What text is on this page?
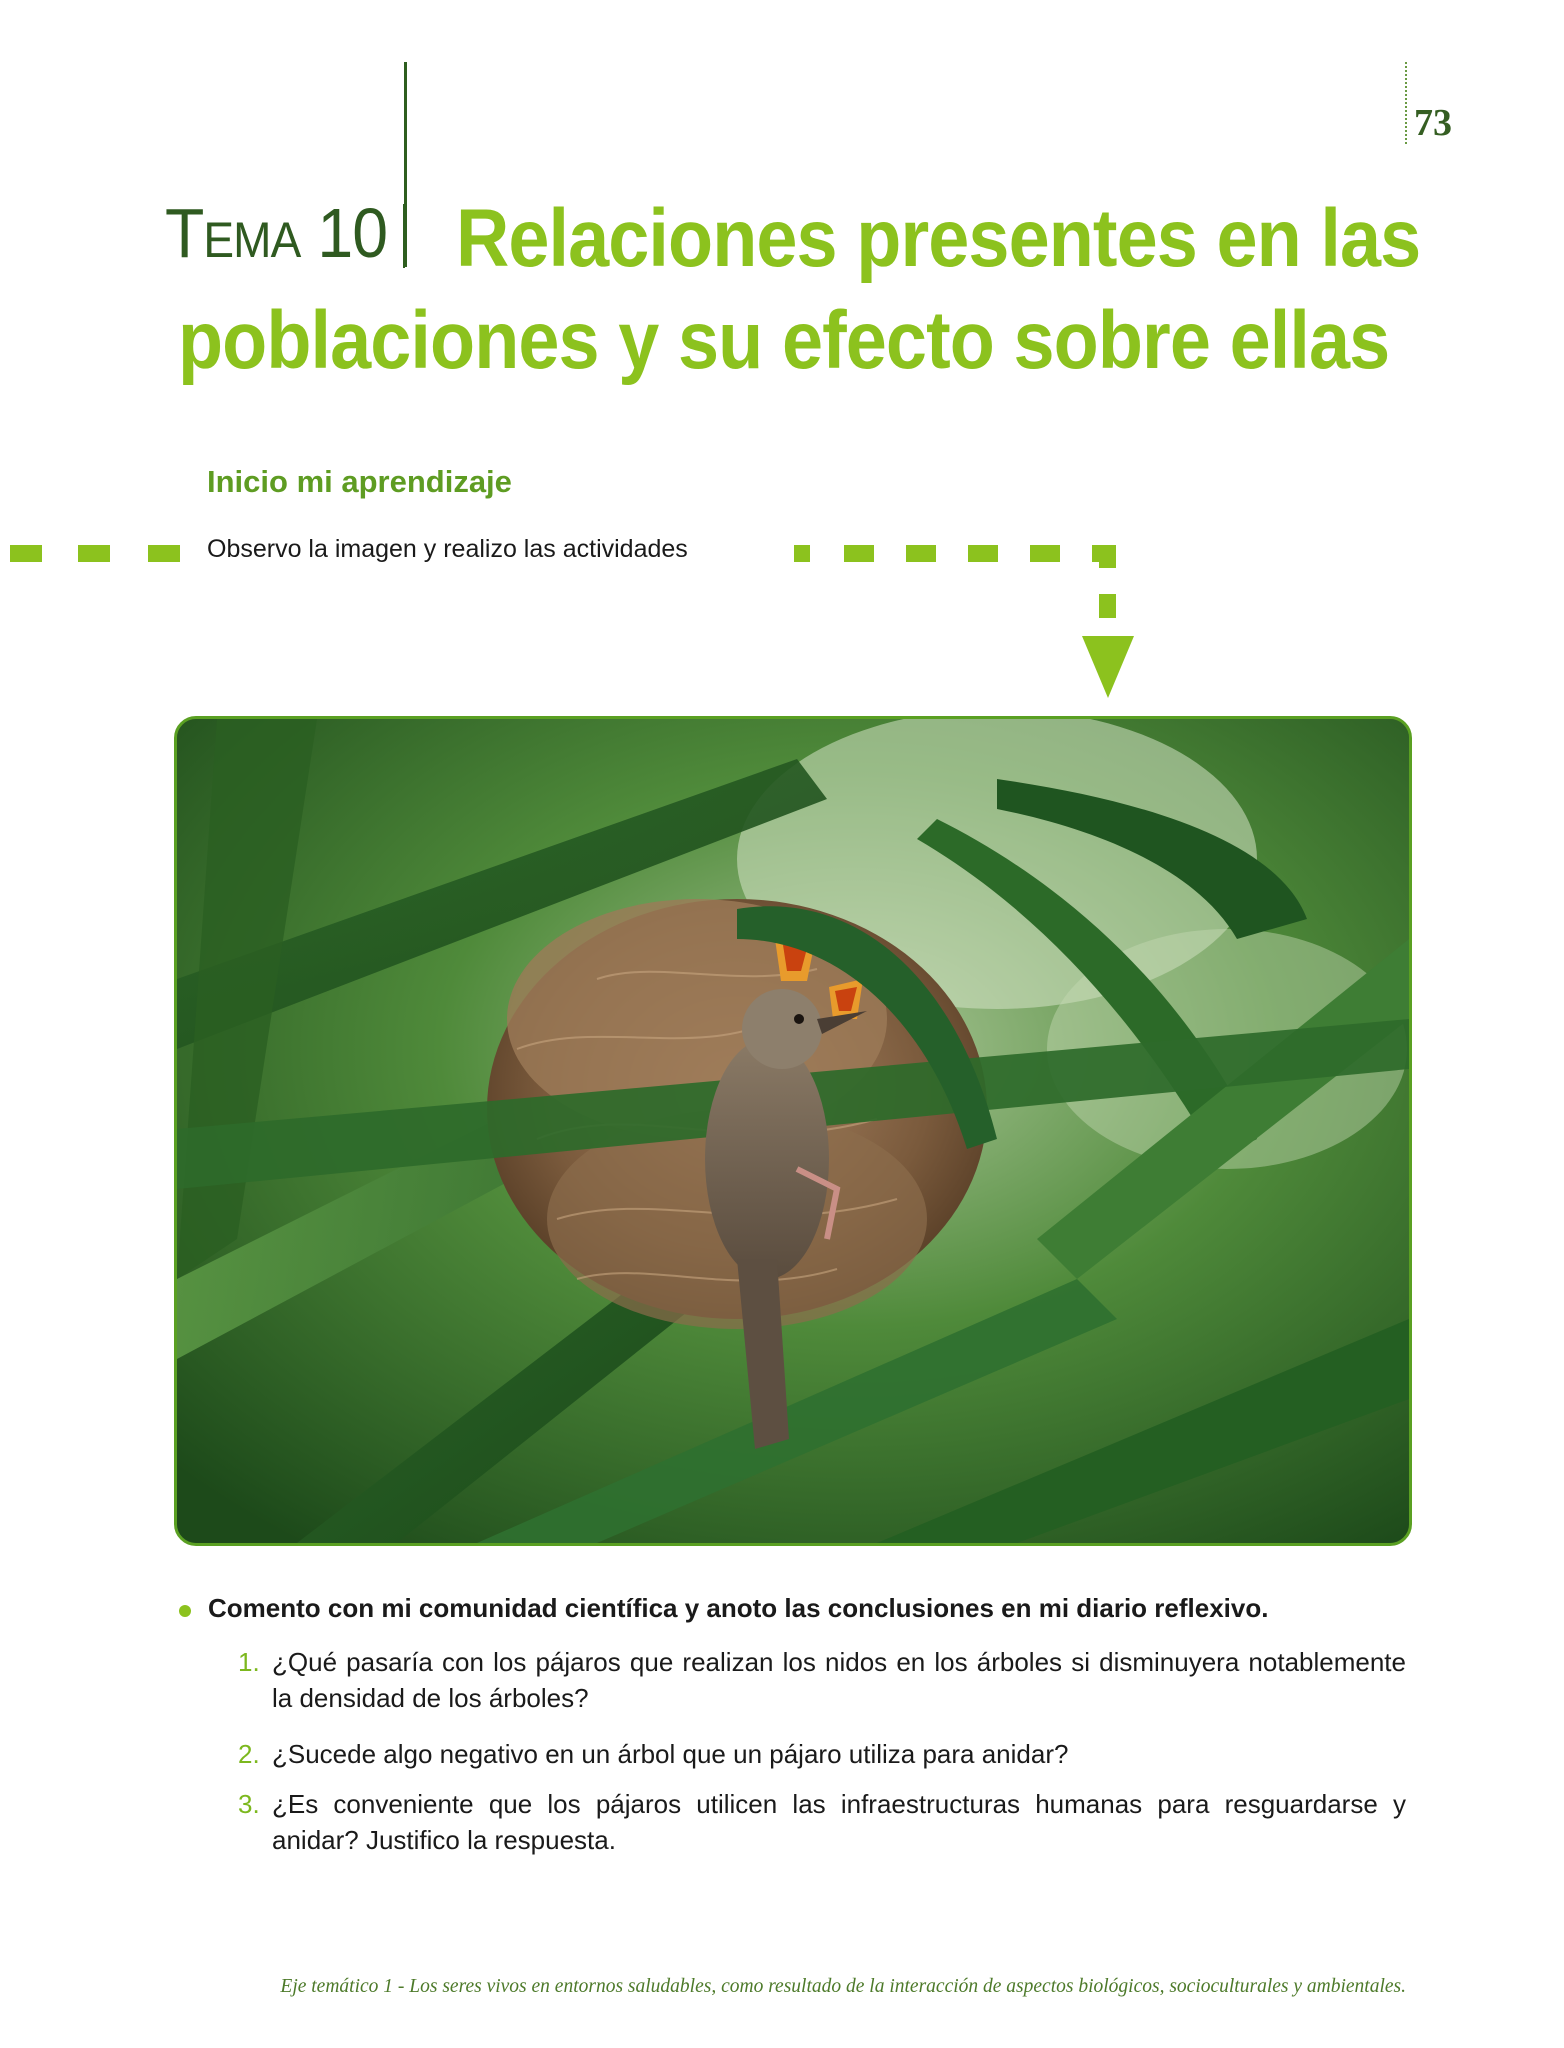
73
TEMA 10 Relaciones presentes en las
poblaciones y su efecto sobre ellas
Inicio mi aprendizaje
Observo la imagen y realizo las actividades
Comento con mi comunidad científica y anoto las conclusiones en mi diario reflexivo.
1. ¿Qué pasaría con los pájaros que realizan los nidos en los árboles si disminuyera notablemente la densidad de los árboles?
2. ¿Sucede algo negativo en un árbol que un pájaro utiliza para anidar?
3. ¿Es conveniente que los pájaros utilicen las infraestructuras humanas para resguardarse y anidar? Justifico la respuesta.
Eje temático 1 - Los seres vivos en entornos saludables, como resultado de la interacción de aspectos biológicos, socioculturales y ambientales.
